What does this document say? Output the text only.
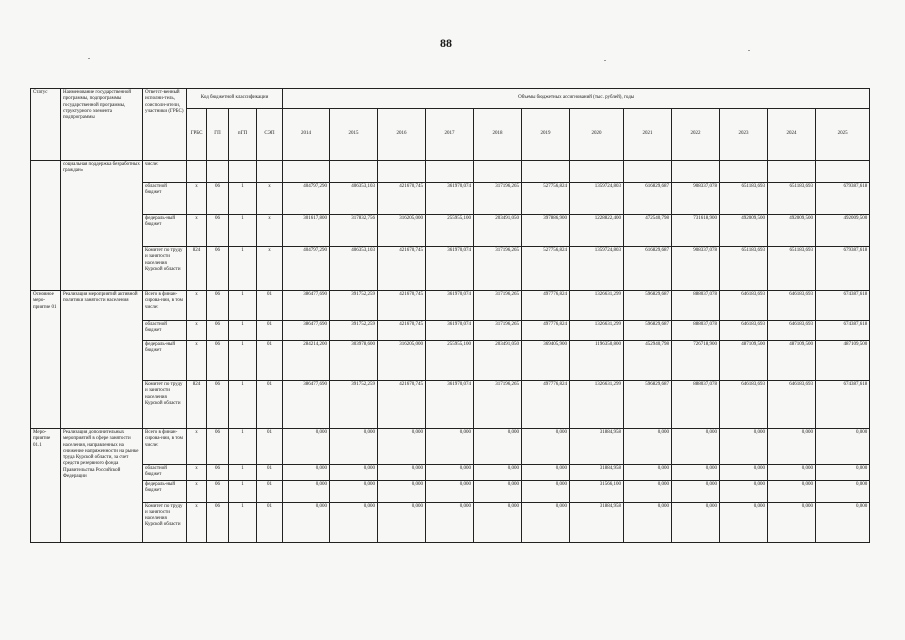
88
Статус	Наименование государственной программы, подпрограммы государственной программы, структурного элемента подпрограммы	Ответст-венный исполни-тель, соисполн-ители, участники (ГРБС)	Код бюджетной классификации				Объемы бюджетных ассигнований (тыс. рублей), годы											
			ГРБС	ГП	пГП	СЭП	2014	2015	2016	2017	2018	2019	2020	2021	2022	2023	2024	2025
	социальная поддержка безработных граждан»	числе:																
		областной бюджет	х	06	1	х	404797,290	406353,103	421670,745	361970,074	317196,265	527756,824	1359724,803	616829,687	908337,078	651183,693	651183,693	679387,618
		федераль-ный бюджет	х	06	1	х	301617,800	317832,756	316205,000	255955,100	203491,050	397886,900	1228822,400	472540,798	731618,900	492009,500	492009,500	492009,500
		Комитет по труду и занятости населения Курской области	824	06	1	х	404797,290	406353,103	421670,745	361970,074	317196,265	527756,824	1359724,803	616829,687	908337,078	651183,693	651183,693	679387,618
Основное меро-приятие 01	Реализация мероприятий активной политики занятости населения	Всего в финан-сирова-нии, в том числе:	х	06	1	01	386477,690	391752,259	421670,745	361970,074	317196,265	497776,824	1326631,299	596829,687	888037,078	646183,693	646183,693	674387,618
		областной бюджет	х	06	1	01	386477,690	391752,259	421670,745	361970,074	317196,265	497776,824	1326631,299	596829,687	888037,078	646183,693	646183,693	674387,618
		федераль-ный бюджет	х	06	1	01	284214,200	303978,600	316205,000	255955,100	203491,050	369405,900	1196350,800	452940,798	726718,900	487109,500	487109,500	487109,500
		Комитет по труду и занятости населения Курской области	824	06	1	01	386477,690	391752,259	421670,745	361970,074	317196,265	497776,824	1326631,299	596829,687	888037,078	646183,693	646183,693	674387,618
Меро-приятие 01.1	Реализация дополнительных мероприятий в сфере занятости населения, направленных на снижение напряженности на рынке труда Курской области, за счет средств резервного фонда Правительства Российской Федерации	Всего в финан-сирова-нии, в том числе:	х	06	1	01	0,000	0,000	0,000	0,000	0,000	0,000	31884,958	0,000	0,000	0,000	0,000	0,000
		областной бюджет	х	06	1	01	0,000	0,000	0,000	0,000	0,000	0,000	31884,958	0,000	0,000	0,000	0,000	0,000
		федераль-ный бюджет	х	06	1	01	0,000	0,000	0,000	0,000	0,000	0,000	31566,100	0,000	0,000	0,000	0,000	0,000
		Комитет по труду и занятости населения Курской области	х	06	1	01	0,000	0,000	0,000	0,000	0,000	0,000	31884,958	0,000	0,000	0,000	0,000	0,000
